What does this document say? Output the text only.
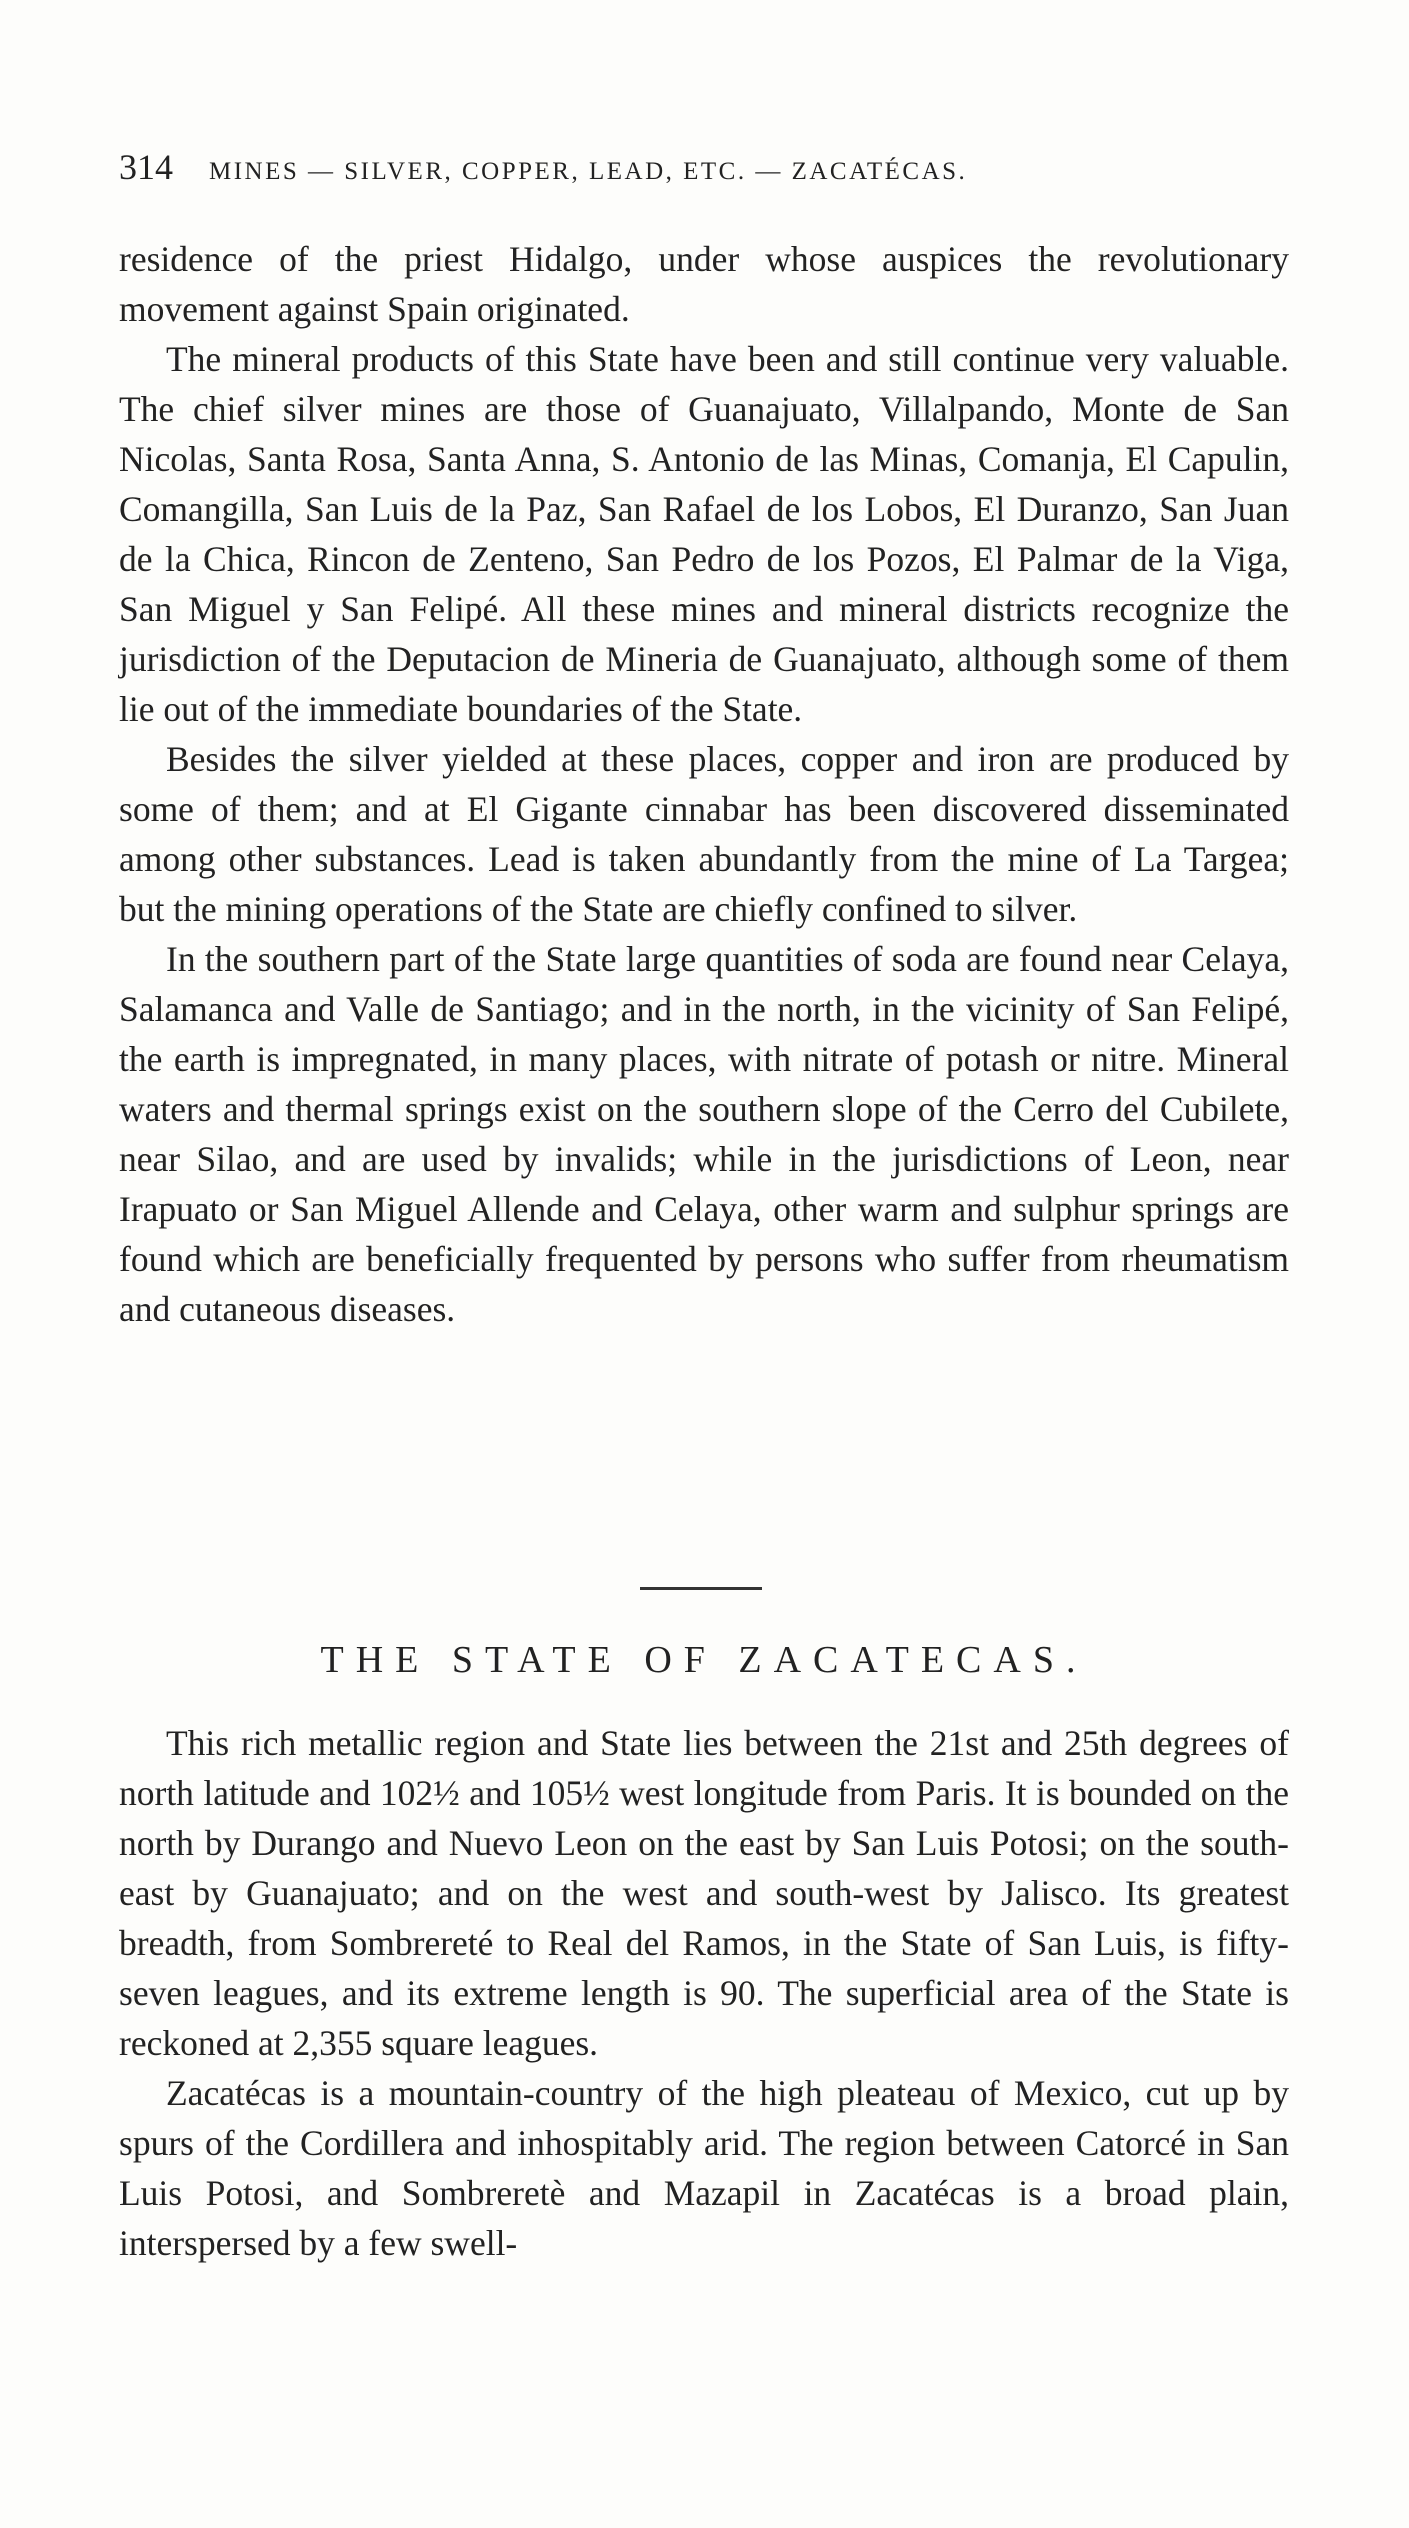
314 MINES — SILVER, COPPER, LEAD, ETC. — ZACATÉCAS.

residence of the priest Hidalgo, under whose auspices the revolutionary movement against Spain originated.

The mineral products of this State have been and still continue very valuable. The chief silver mines are those of Guanajuato, Villalpando, Monte de San Nicolas, Santa Rosa, Santa Anna, S. Antonio de las Minas, Comanja, El Capulin, Comangilla, San Luis de la Paz, San Rafael de los Lobos, El Duranzo, San Juan de la Chica, Rincon de Zenteno, San Pedro de los Pozos, El Palmar de la Viga, San Miguel y San Felipé. All these mines and mineral districts recognize the jurisdiction of the Deputacion de Mineria de Guanajuato, although some of them lie out of the immediate boundaries of the State.

Besides the silver yielded at these places, copper and iron are produced by some of them; and at El Gigante cinnabar has been discovered disseminated among other substances. Lead is taken abundantly from the mine of La Targea; but the mining operations of the State are chiefly confined to silver.

In the southern part of the State large quantities of soda are found near Celaya, Salamanca and Valle de Santiago; and in the north, in the vicinity of San Felipé, the earth is impregnated, in many places, with nitrate of potash or nitre. Mineral waters and thermal springs exist on the southern slope of the Cerro del Cubilete, near Silao, and are used by invalids; while in the jurisdictions of Leon, near Irapuato or San Miguel Allende and Celaya, other warm and sulphur springs are found which are beneficially frequented by persons who suffer from rheumatism and cutaneous diseases.

THE STATE OF ZACATECAS.

This rich metallic region and State lies between the 21st and 25th degrees of north latitude and 102½ and 105½ west longitude from Paris. It is bounded on the north by Durango and Nuevo Leon on the east by San Luis Potosi; on the south-east by Guanajuato; and on the west and south-west by Jalisco. Its greatest breadth, from Sombrereté to Real del Ramos, in the State of San Luis, is fifty-seven leagues, and its extreme length is 90. The superficial area of the State is reckoned at 2,355 square leagues.

Zacatécas is a mountain-country of the high pleateau of Mexico, cut up by spurs of the Cordillera and inhospitably arid. The region between Catorcé in San Luis Potosi, and Sombreretè and Mazapil in Zacatécas is a broad plain, interspersed by a few swell-
